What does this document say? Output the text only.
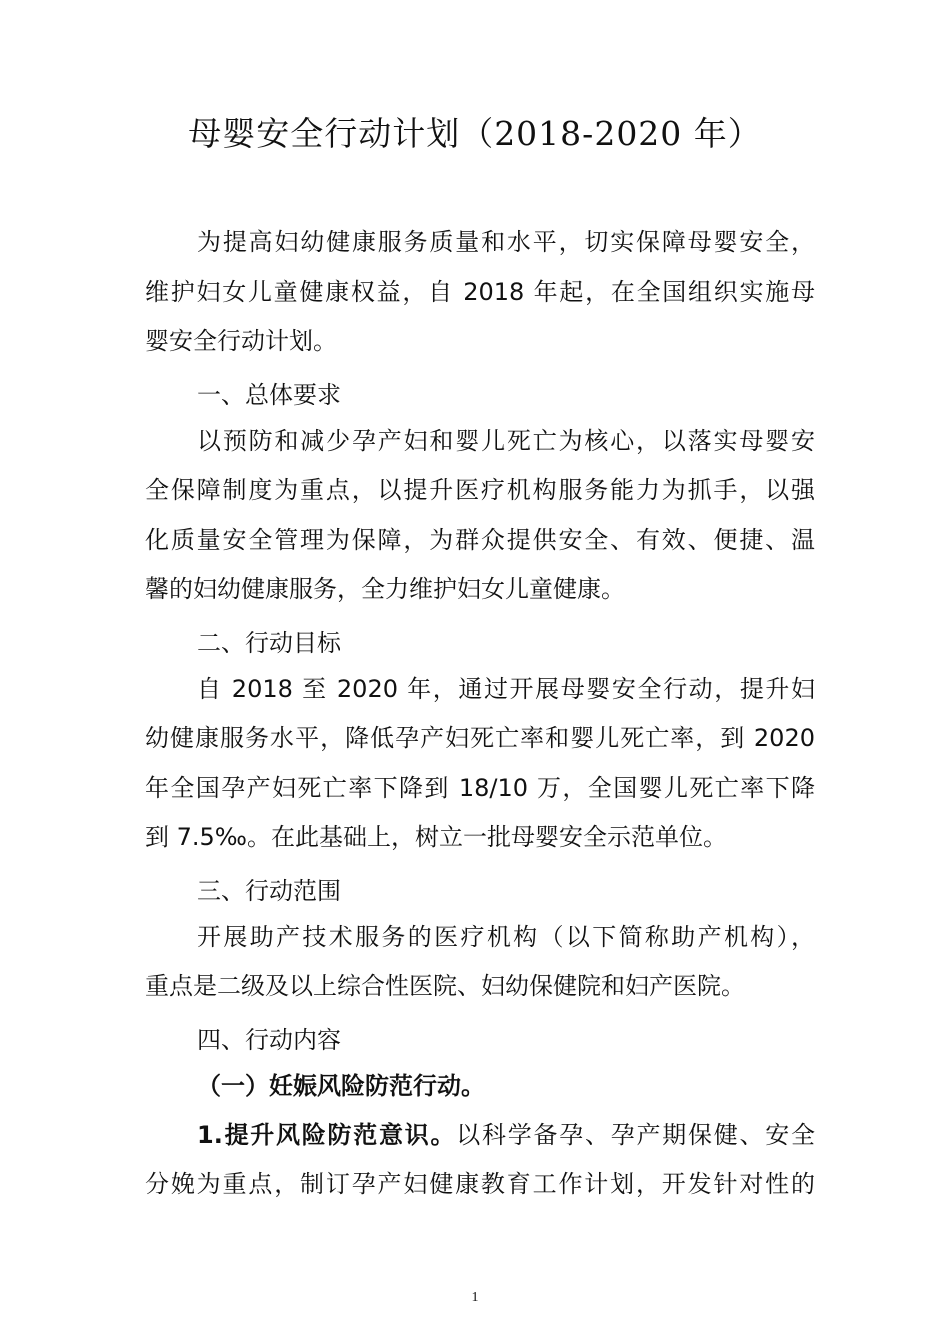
母婴安全行动计划（2018-2020 年）
为提高妇幼健康服务质量和水平，切实保障母婴安全，
维护妇女儿童健康权益，自 2018 年起，在全国组织实施母
婴安全行动计划。
一、总体要求
以预防和减少孕产妇和婴儿死亡为核心，以落实母婴安
全保障制度为重点，以提升医疗机构服务能力为抓手，以强
化质量安全管理为保障，为群众提供安全、有效、便捷、温
馨的妇幼健康服务，全力维护妇女儿童健康。
二、行动目标
自 2018 至 2020 年，通过开展母婴安全行动，提升妇
幼健康服务水平，降低孕产妇死亡率和婴儿死亡率，到 2020
年全国孕产妇死亡率下降到 18/10 万，全国婴儿死亡率下降
到 7.5‰。在此基础上，树立一批母婴安全示范单位。
三、行动范围
开展助产技术服务的医疗机构（以下简称助产机构），
重点是二级及以上综合性医院、妇幼保健院和妇产医院。
四、行动内容
（一）妊娠风险防范行动。
1.提升风险防范意识。以科学备孕、孕产期保健、安全
分娩为重点，制订孕产妇健康教育工作计划，开发针对性的
1
